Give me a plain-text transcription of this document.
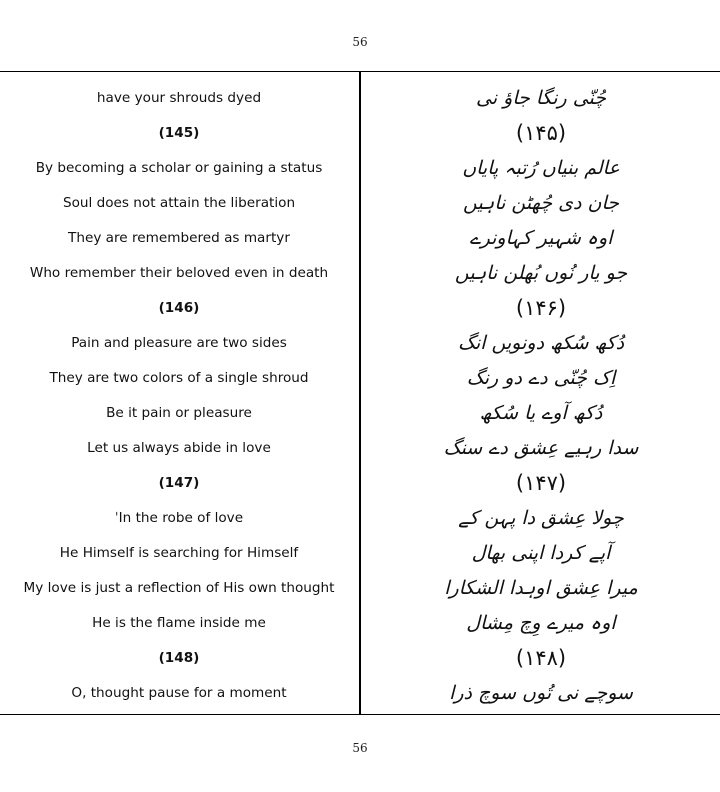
56
have your shrouds dyed
(145)
By becoming a scholar or gaining a status
Soul does not attain the liberation
They are remembered as martyr
Who remember their beloved even in death
(146)
Pain and pleasure are two sides
They are two colors of a single shroud
Be it pain or pleasure
Let us always abide in love
(147)
ˈIn the robe of love
He Himself is searching for Himself
My love is just a reflection of His own thought
He is the flame inside me
(148)
O, thought pause for a moment
چُنّی رنگا جاؤ نی
(۱۴۵)
عالم بنیاں رُتبہ پایاں
جان دی چُھٹن ناہیں
اوہ شہیر کہاونرے
جو یار نُوں بُھلن ناہیں
(۱۴۶)
دُکھ سُکھ دونویں انگ
اِک چُنّی دے دو رنگ
دُکھ آوے یا سُکھ
سدا رہیے عِشق دے سنگ
(۱۴۷)
چولا عِشق دا پہن کے
آپے کردا اپنی بھال
میرا عِشق اوہدا الشکارا
اوہ میرے وِچ مِشال
(۱۴۸)
سوچے نی تُوں سوچ ذرا
56
